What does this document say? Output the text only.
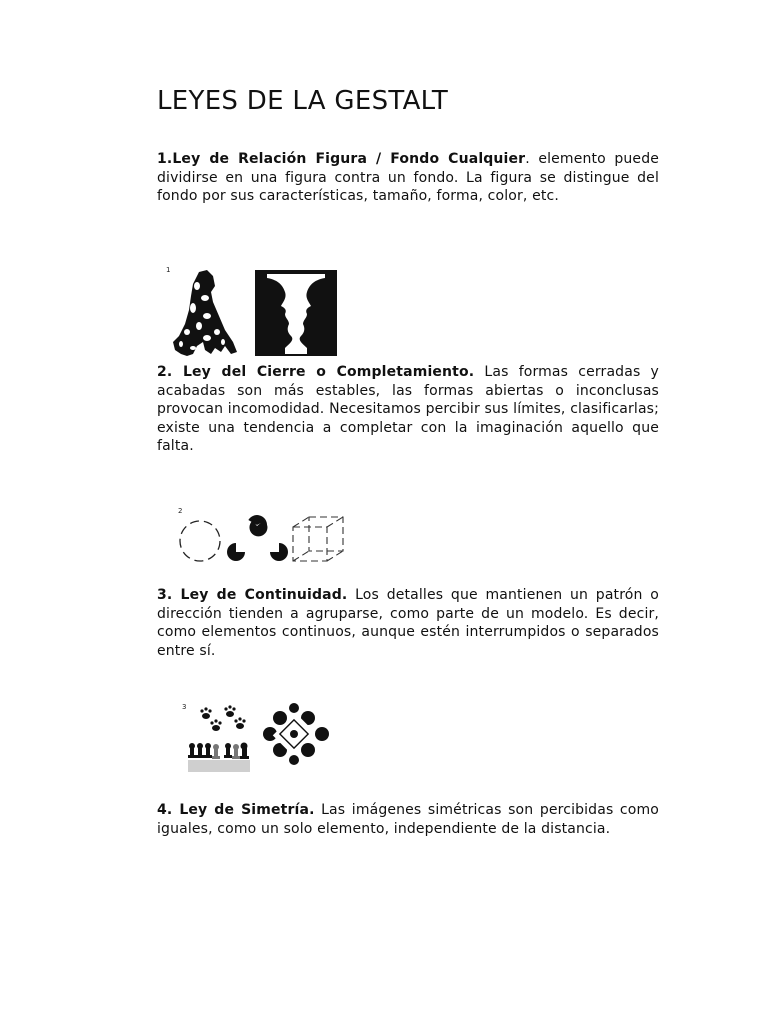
LEYES DE LA GESTALT

1.Ley de Relación Figura / Fondo Cualquier. elemento puede dividirse en una figura contra un fondo. La figura se distingue del fondo por sus características, tamaño, forma, color, etc.

1

2. Ley del Cierre o Completamiento. Las formas cerradas y acabadas son más estables, las formas abiertas o inconclusas provocan incomodidad. Necesitamos percibir sus límites, clasificarlas; existe una tendencia a completar con la imaginación aquello que falta.

2

3. Ley de Continuidad. Los detalles que mantienen un patrón o dirección tienden a agruparse, como parte de un modelo. Es decir, como elementos continuos, aunque estén interrumpidos o separados entre sí.

3

4. Ley de Simetría. Las imágenes simétricas son percibidas como iguales, como un solo elemento, independiente de la distancia.
